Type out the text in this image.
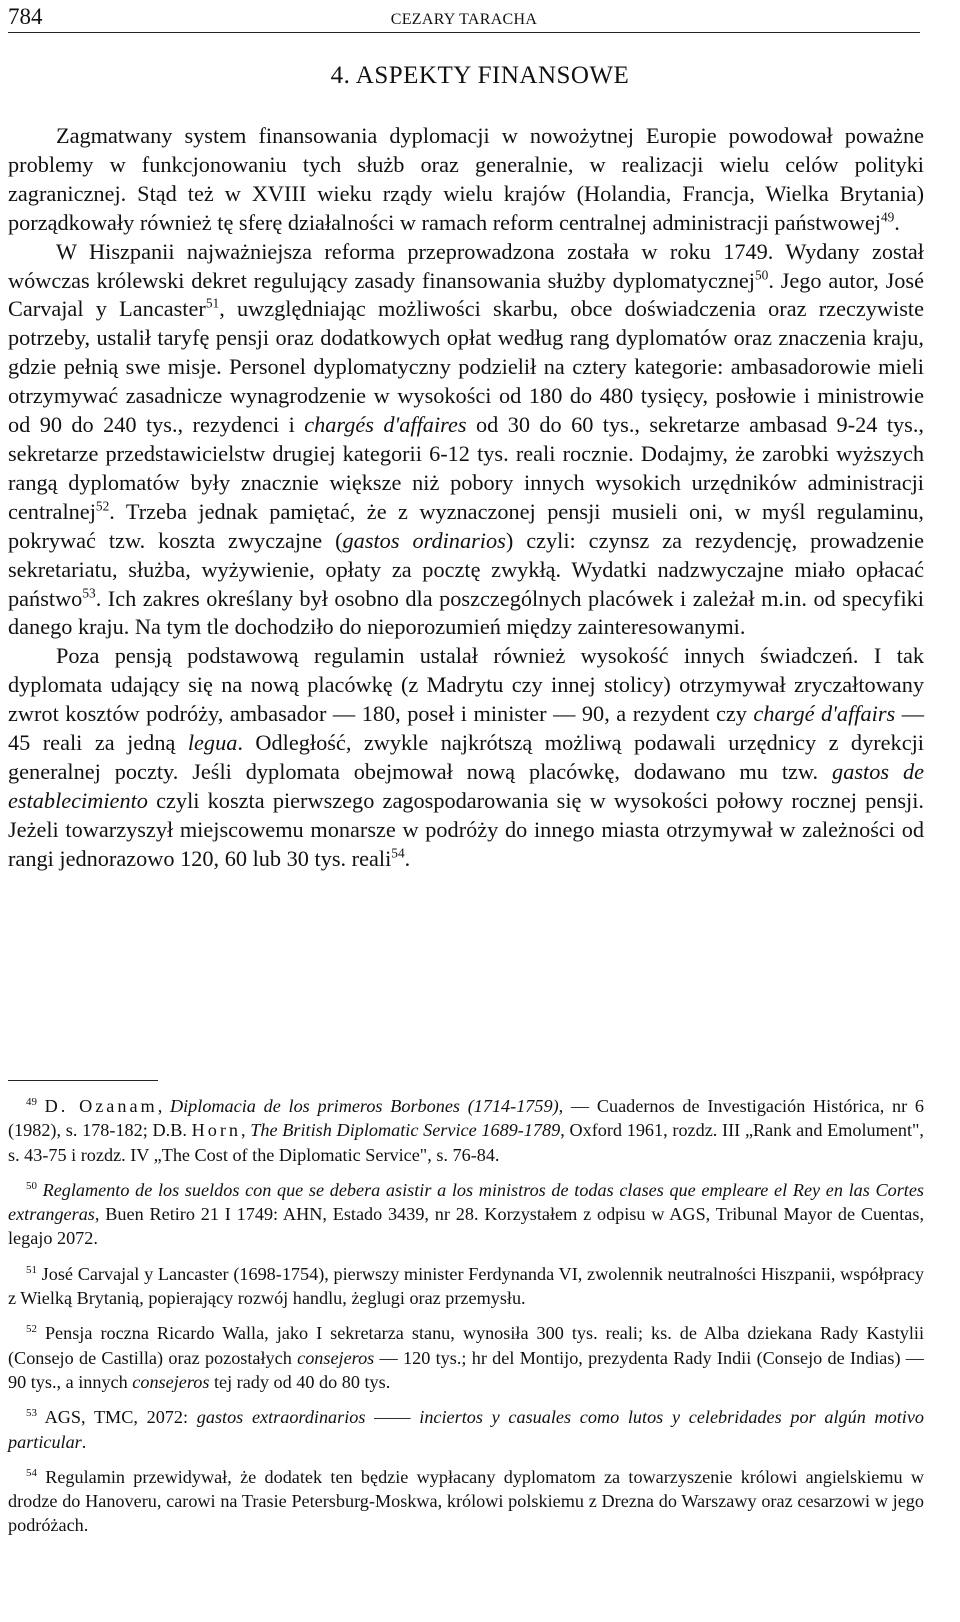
784	CEZARY TARACHA
4. ASPEKTY FINANSOWE

Zagmatwany system finansowania dyplomacji w nowożytnej Europie powodował poważne problemy w funkcjonowaniu tych służb oraz generalnie, w realizacji wielu celów polityki zagranicznej. Stąd też w XVIII wieku rządy wielu krajów (Holandia, Francja, Wielka Brytania) porządkowały również tę sferę działalności w ramach reform centralnej administracji państwowej$^{49}$.

W Hiszpanii najważniejsza reforma przeprowadzona została w roku 1749. Wydany został wówczas królewski dekret regulujący zasady finansowania służby dyplomatycznej$^{50}$. Jego autor, José Carvajal y Lancaster$^{51}$, uwzględniając możliwości skarbu, obce doświadczenia oraz rzeczywiste potrzeby, ustalił taryfę pensji oraz dodatkowych opłat według rang dyplomatów oraz znaczenia kraju, gdzie pełnią swe misje. Personel dyplomatyczny podzielił na cztery kategorie: ambasadorowie mieli otrzymywać zasadnicze wynagrodzenie w wysokości od 180 do 480 tysięcy, posłowie i ministrowie od 90 do 240 tys., rezydenci i chargés d'affaires od 30 do 60 tys., sekretarze ambasad 9-24 tys., sekretarze przedstawicielstw drugiej kategorii 6-12 tys. reali rocznie. Dodajmy, że zarobki wyższych rangą dyplomatów były znacznie większe niż pobory innych wysokich urzędników administracji centralnej$^{52}$. Trzeba jednak pamiętać, że z wyznaczonej pensji musieli oni, w myśl regulaminu, pokrywać tzw. koszta zwyczajne (gastos ordinarios) czyli: czynsz za rezydencję, prowadzenie sekretariatu, służba, wyżywienie, opłaty za pocztę zwykłą. Wydatki nadzwyczajne miało opłacać państwo$^{53}$. Ich zakres określany był osobno dla poszczególnych placówek i zależał m.in. od specyfiki danego kraju. Na tym tle dochodziło do nieporozumień między zainteresowanymi.

Poza pensją podstawową regulamin ustalał również wysokość innych świadczeń. I tak dyplomata udający się na nową placówkę (z Madrytu czy innej stolicy) otrzymywał zryczałtowany zwrot kosztów podróży, ambasador — 180, poseł i minister — 90, a rezydent czy chargé d'affairs — 45 reali za jedną legua. Odległość, zwykle najkrótszą możliwą podawali urzędnicy z dyrekcji generalnej poczty. Jeśli dyplomata obejmował nową placówkę, dodawano mu tzw. gastos de establecimiento czyli koszta pierwszego zagospodarowania się w wysokości połowy rocznej pensji. Jeżeli towarzyszył miejscowemu monarsze w podróży do innego miasta otrzymywał w zależności od rangi jednorazowo 120, 60 lub 30 tys. reali$^{54}$.

$^{49}$ D. Ozanam, Diplomacia de los primeros Borbones (1714-1759), — Cuadernos de Investigación Histórica, nr 6 (1982), s. 178-182; D.B. Horn, The British Diplomatic Service 1689-1789, Oxford 1961, rozdz. III „Rank and Emolument", s. 43-75 i rozdz. IV „The Cost of the Diplomatic Service", s. 76-84.

$^{50}$ Reglamento de los sueldos con que se debera asistir a los ministros de todas clases que empleare el Rey en las Cortes extrangeras, Buen Retiro 21 I 1749: AHN, Estado 3439, nr 28. Korzystałem z odpisu w AGS, Tribunal Mayor de Cuentas, legajo 2072.

$^{51}$ José Carvajal y Lancaster (1698-1754), pierwszy minister Ferdynanda VI, zwolennik neutralności Hiszpanii, współpracy z Wielką Brytanią, popierający rozwój handlu, żeglugi oraz przemysłu.

$^{52}$ Pensja roczna Ricardo Walla, jako I sekretarza stanu, wynosiła 300 tys. reali; ks. de Alba dziekana Rady Kastylii (Consejo de Castilla) oraz pozostałych consejeros — 120 tys.; hr del Montijo, prezydenta Rady Indii (Consejo de Indias) — 90 tys., a innych consejeros tej rady od 40 do 80 tys.

$^{53}$ AGS, TMC, 2072: gastos extraordinarios —— inciertos y casuales como lutos y celebridades por algún motivo particular.

$^{54}$ Regulamin przewidywał, że dodatek ten będzie wypłacany dyplomatom za towarzyszenie królowi angielskiemu w drodze do Hanoveru, carowi na Trasie Petersburg-Moskwa, królowi polskiemu z Drezna do Warszawy oraz cesarzowi w jego podróżach.
